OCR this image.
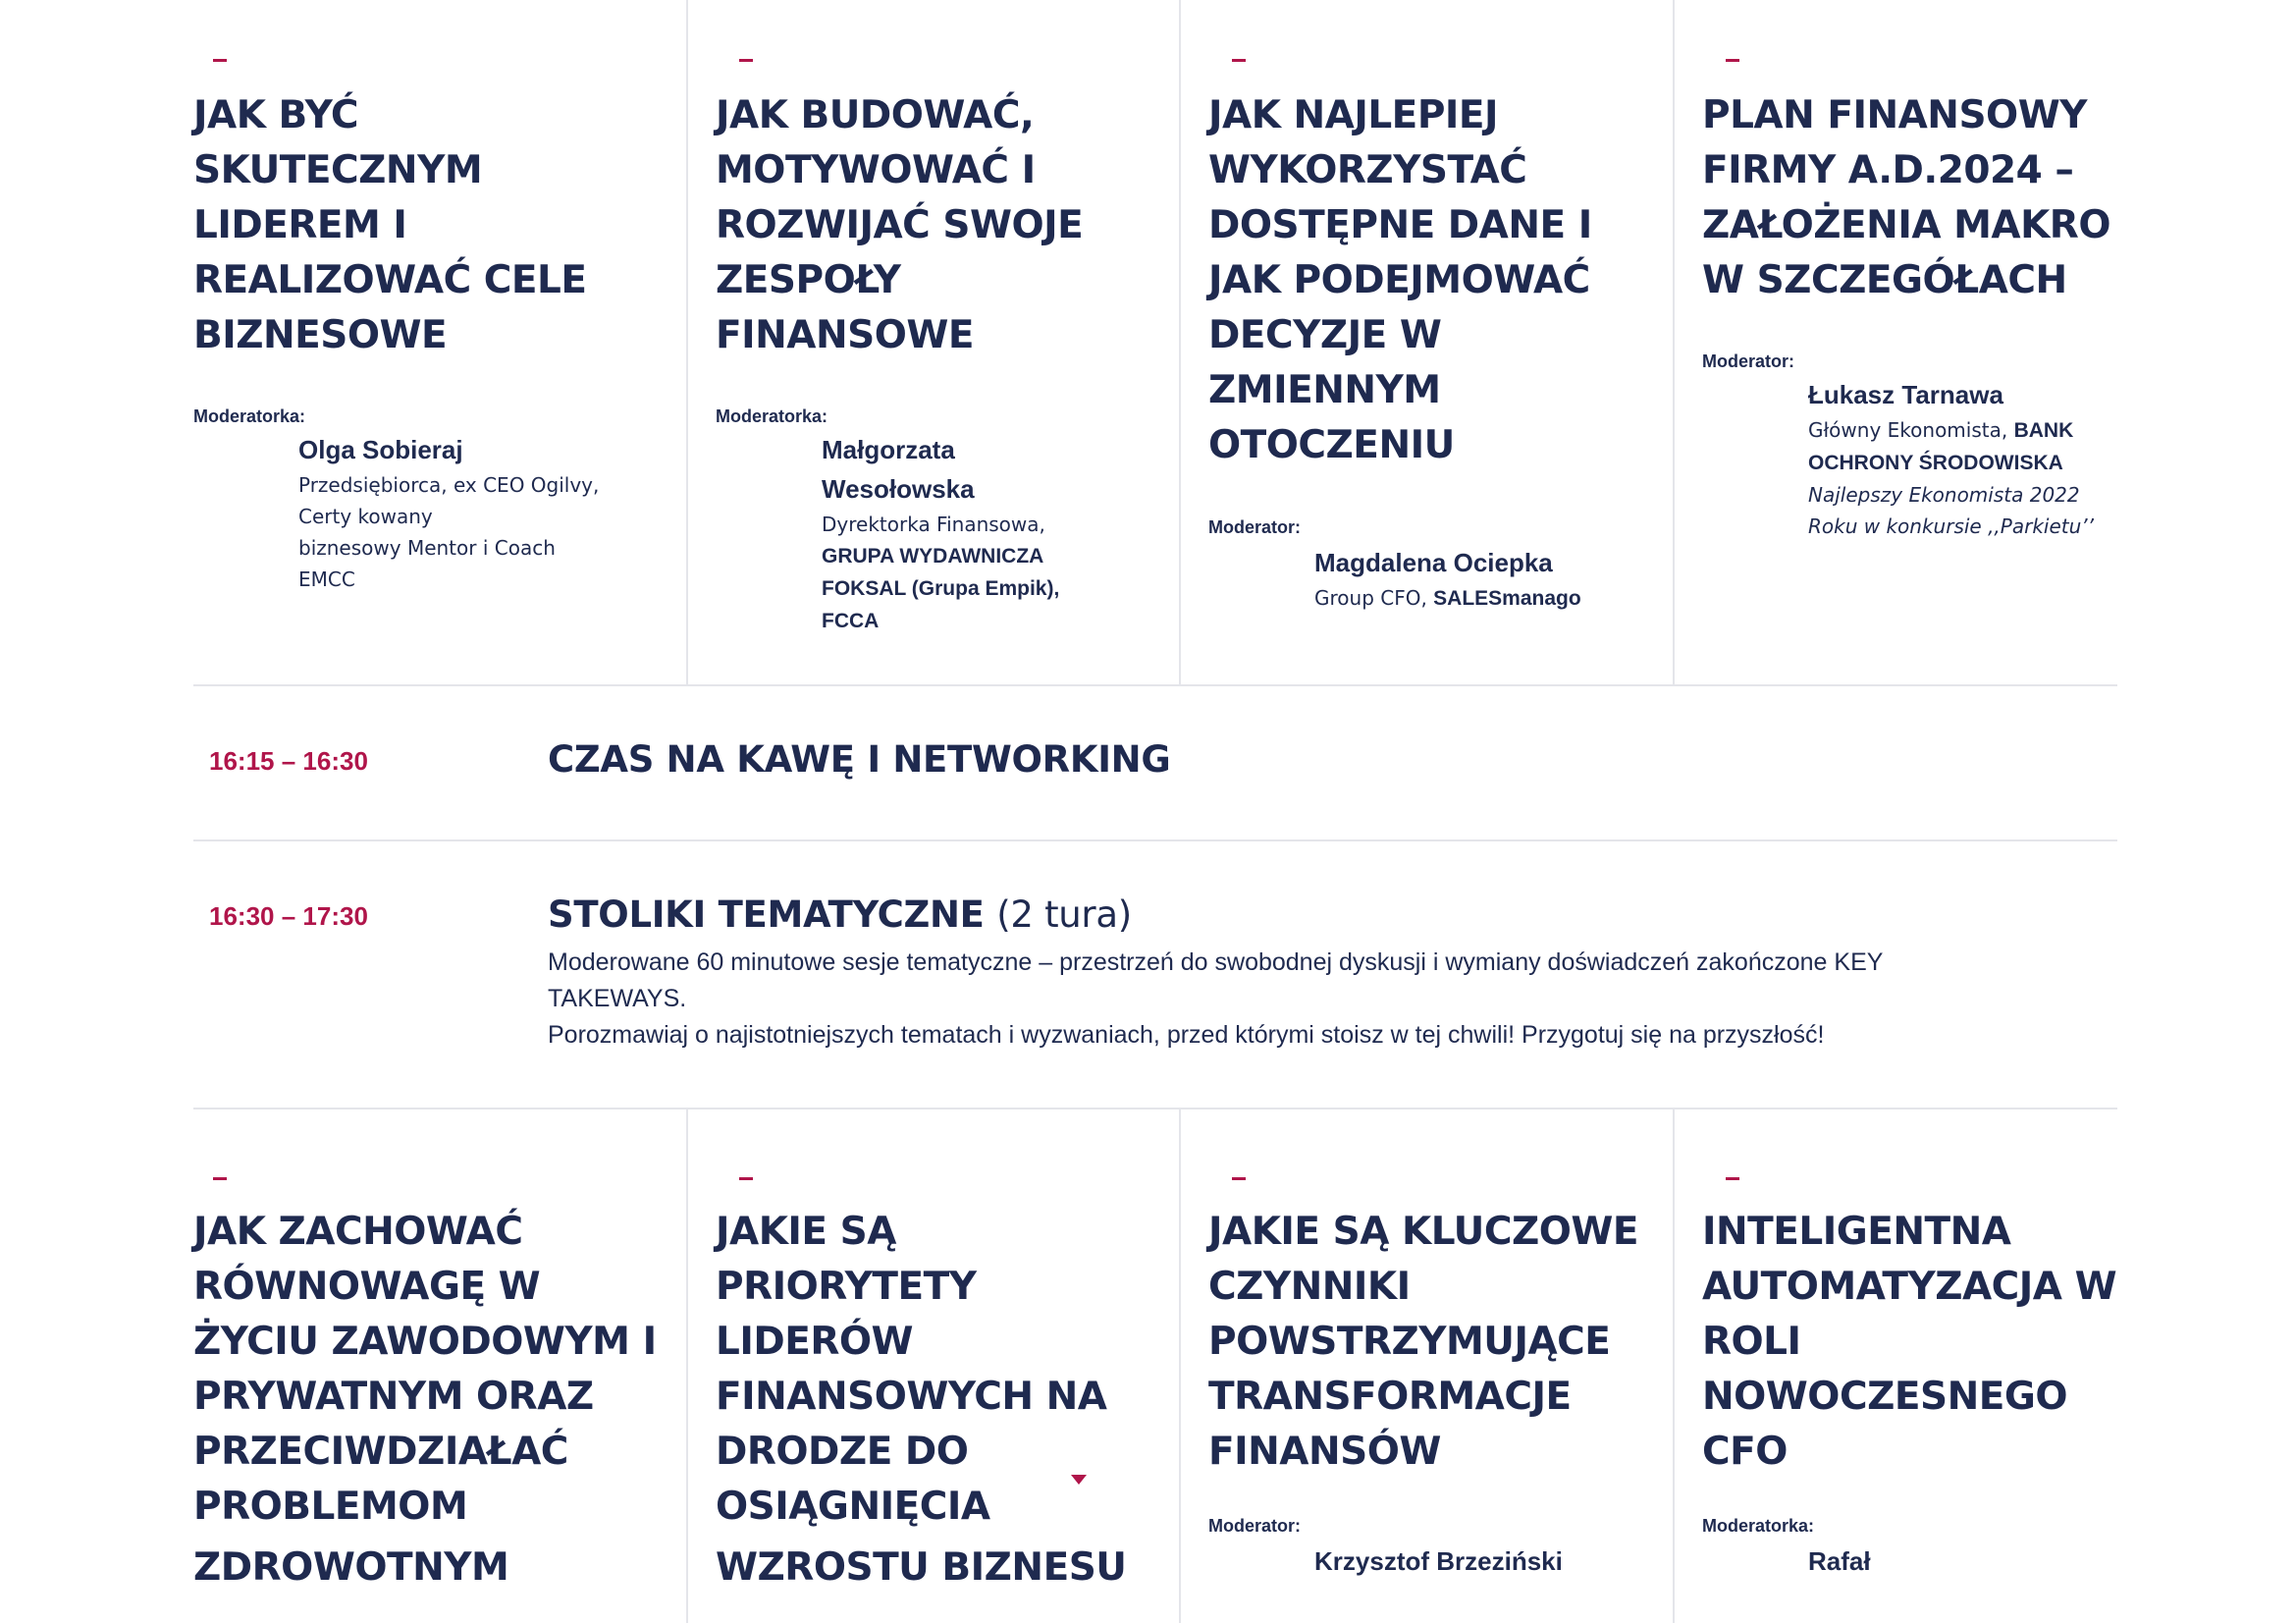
JAK BYĆ
SKUTECZNYM
LIDEREM I
REALIZOWAĆ CELE
BIZNESOWE
Moderatorka:
Olga Sobieraj
Przedsiębiorca, ex CEO Ogilvy,
Certy kowany
biznesowy Mentor i Coach
EMCC
JAK BUDOWAĆ,
MOTYWOWAĆ I
ROZWIJAĆ SWOJE
ZESPOŁY
FINANSOWE
Moderatorka:
Małgorzata
Wesołowska
Dyrektorka Finansowa,
GRUPA WYDAWNICZA
FOKSAL (Grupa Empik),
FCCA
JAK NAJLEPIEJ
WYKORZYSTAĆ
DOSTĘPNE DANE I
JAK PODEJMOWAĆ
DECYZJE W
ZMIENNYM
OTOCZENIU
Moderator:
Magdalena Ociepka
Group CFO, SALESmanago
PLAN FINANSOWY
FIRMY A.D.2024 –
ZAŁOŻENIA MAKRO
W SZCZEGÓŁACH
Moderator:
Łukasz Tarnawa
Główny Ekonomista, BANK
OCHRONY ŚRODOWISKA
Najlepszy Ekonomista 2022
Roku w konkursie ,,Parkietu’’
16:15 – 16:30	CZAS NA KAWĘ I NETWORKING
16:30 – 17:30	STOLIKI TEMATYCZNE (2 tura)
Moderowane 60 minutowe sesje tematyczne – przestrzeń do swobodnej dyskusji i wymiany doświadczeń zakończone KEY
TAKEWAYS.
Porozmawiaj o najistotniejszych tematach i wyzwaniach, przed którymi stoisz w tej chwili! Przygotuj się na przyszłość!
JAK ZACHOWAĆ
RÓWNOWAGĘ W
ŻYCIU ZAWODOWYM I
PRYWATNYM ORAZ
PRZECIWDZIAŁAĆ
PROBLEMOM
ZDROWOTNYM
JAKIE SĄ
PRIORYTETY
LIDERÓW
FINANSOWYCH NA
DRODZE DO
OSIĄGNIĘCIA
WZROSTU BIZNESU
JAKIE SĄ KLUCZOWE
CZYNNIKI
POWSTRZYMUJĄCE
TRANSFORMACJE
FINANSÓW
Moderator:
Krzysztof Brzeziński
INTELIGENTNA
AUTOMATYZACJA W
ROLI
NOWOCZESNEGO
CFO
Moderatorka:
Rafał
